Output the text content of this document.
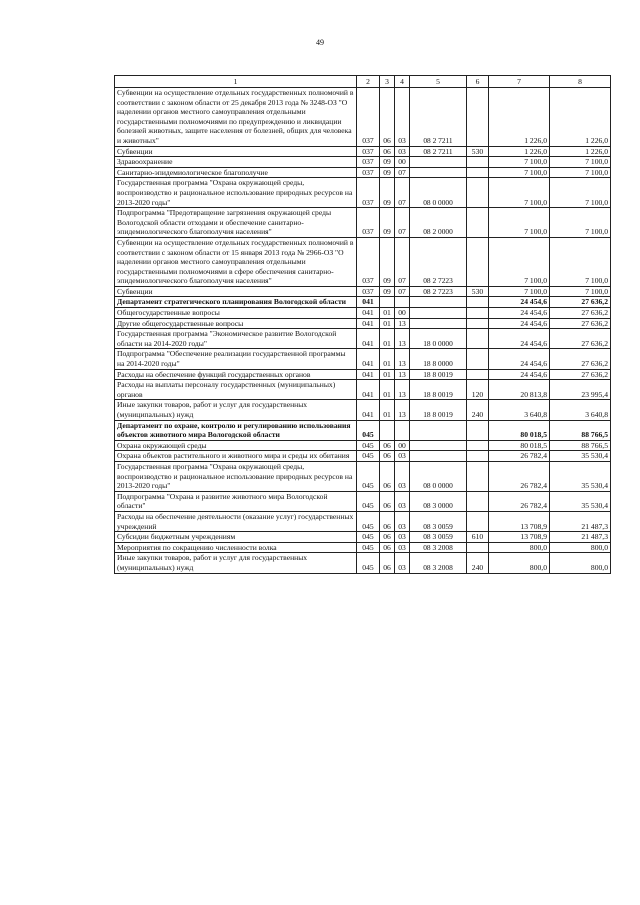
49
1	2	3	4	5	6	7	8
Субвенции на осуществление отдельных государственных полномочий в соответствии с законом области от 25 декабря 2013 года № 3248-ОЗ "О наделении органов местного самоуправления отдельными государственными полномочиями по предупреждению и ликвидации болезней животных, защите населения от болезней, общих для человека и животных"	037	06	03	08 2 7211		1 226,0	1 226,0
Субвенции	037	06	03	08 2 7211	530	1 226,0	1 226,0
Здравоохранение	037	09	00			7 100,0	7 100,0
Санитарно-эпидемиологическое благополучие	037	09	07			7 100,0	7 100,0
Государственная программа "Охрана окружающей среды, воспроизводство и рациональное использование природных ресурсов на 2013-2020 годы"	037	09	07	08 0 0000		7 100,0	7 100,0
Подпрограмма "Предотвращение загрязнения окружающей среды Вологодской области отходами и обеспечение санитарно-эпидемиологического благополучия населения"	037	09	07	08 2 0000		7 100,0	7 100,0
Субвенции на осуществление отдельных государственных полномочий в соответствии с законом области от 15 января 2013 года № 2966-ОЗ "О наделении органов местного самоуправления отдельными государственными полномочиями в сфере обеспечения санитарно-эпидемиологического благополучия населения"	037	09	07	08 2 7223		7 100,0	7 100,0
Субвенции	037	09	07	08 2 7223	530	7 100,0	7 100,0
Департамент стратегического планирования Вологодской области	041					24 454,6	27 636,2
Общегосударственные вопросы	041	01	00			24 454,6	27 636,2
Другие общегосударственные вопросы	041	01	13			24 454,6	27 636,2
Государственная программа "Экономическое развитие Вологодской области на 2014-2020 годы"	041	01	13	18 0 0000		24 454,6	27 636,2
Подпрограмма "Обеспечение реализации государственной программы на 2014-2020 годы"	041	01	13	18 8 0000		24 454,6	27 636,2
Расходы на обеспечение функций государственных органов	041	01	13	18 8 0019		24 454,6	27 636,2
Расходы на выплаты персоналу государственных (муниципальных) органов	041	01	13	18 8 0019	120	20 813,8	23 995,4
Иные закупки товаров, работ и услуг для государственных (муниципальных) нужд	041	01	13	18 8 0019	240	3 640,8	3 640,8
Департамент по охране, контролю и регулированию использования объектов животного мира Вологодской области	045					80 018,5	88 766,5
Охрана окружающей среды	045	06	00			80 018,5	88 766,5
Охрана объектов растительного и животного мира и среды их обитания	045	06	03			26 782,4	35 530,4
Государственная программа "Охрана окружающей среды, воспроизводство и рациональное использование природных ресурсов на 2013-2020 годы"	045	06	03	08 0 0000		26 782,4	35 530,4
Подпрограмма "Охрана и развитие животного мира Вологодской области"	045	06	03	08 3 0000		26 782,4	35 530,4
Расходы на обеспечение деятельности (оказание услуг) государственных учреждений	045	06	03	08 3 0059		13 708,9	21 487,3
Субсидии бюджетным учреждениям	045	06	03	08 3 0059	610	13 708,9	21 487,3
Мероприятия по сокращению численности волка	045	06	03	08 3 2008		800,0	800,0
Иные закупки товаров, работ и услуг для государственных (муниципальных) нужд	045	06	03	08 3 2008	240	800,0	800,0
